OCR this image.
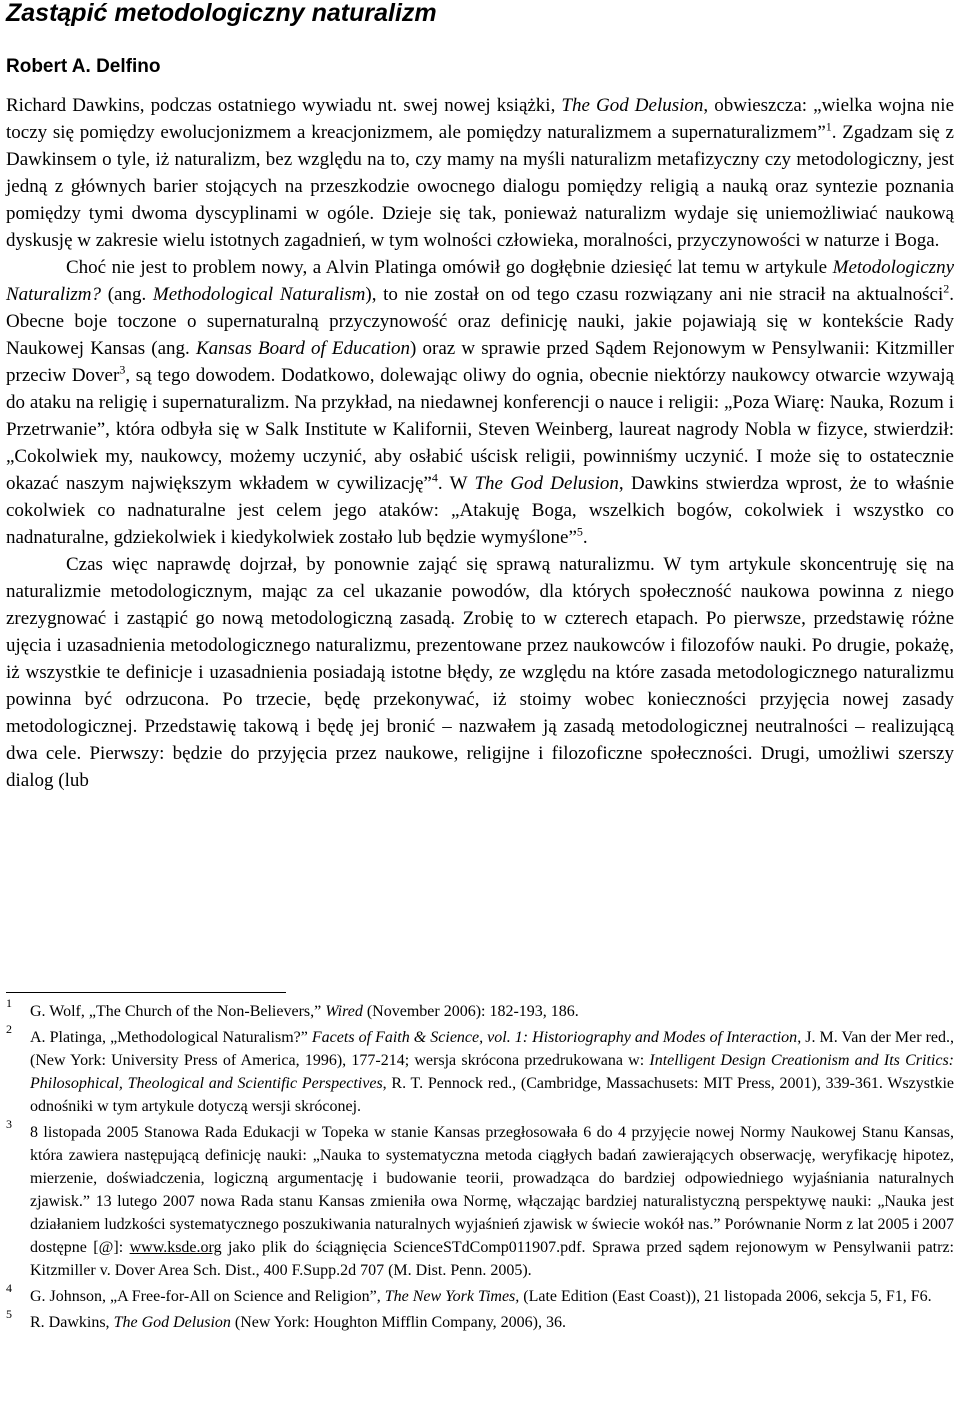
Zastąpić metodologiczny naturalizm
Robert A. Delfino

Richard Dawkins, podczas ostatniego wywiadu nt. swej nowej książki, The God Delusion, obwieszcza: „wielka wojna nie toczy się pomiędzy ewolucjonizmem a kreacjonizmem, ale pomiędzy naturalizmem a supernaturalizmem”$^1$. Zgadzam się z Dawkinsem o tyle, iż naturalizm, bez względu na to, czy mamy na myśli naturalizm metafizyczny czy metodologiczny, jest jedną z głównych barier stojących na przeszkodzie owocnego dialogu pomiędzy religią a nauką oraz syntezie poznania pomiędzy tymi dwoma dyscyplinami w ogóle. Dzieje się tak, ponieważ naturalizm wydaje się uniemożliwiać naukową dyskusję w zakresie wielu istotnych zagadnień, w tym wolności człowieka, moralności, przyczynowości w naturze i Boga.

Choć nie jest to problem nowy, a Alvin Platinga omówił go dogłębnie dziesięć lat temu w artykule Metodologiczny Naturalizm? (ang. Methodological Naturalism), to nie został on od tego czasu rozwiązany ani nie stracił na aktualności$^2$. Obecne boje toczone o supernaturalną przyczynowość oraz definicję nauki, jakie pojawiają się w kontekście Rady Naukowej Kansas (ang. Kansas Board of Education) oraz w sprawie przed Sądem Rejonowym w Pensylwanii: Kitzmiller przeciw Dover$^3$, są tego dowodem. Dodatkowo, dolewając oliwy do ognia, obecnie niektórzy naukowcy otwarcie wzywają do ataku na religię i supernaturalizm. Na przykład, na niedawnej konferencji o nauce i religii: „Poza Wiarę: Nauka, Rozum i Przetrwanie”, która odbyła się w Salk Institute w Kalifornii, Steven Weinberg, laureat nagrody Nobla w fizyce, stwierdził: „Cokolwiek my, naukowcy, możemy uczynić, aby osłabić uścisk religii, powinniśmy uczynić. I może się to ostatecznie okazać naszym największym wkładem w cywilizację”$^4$. W The God Delusion, Dawkins stwierdza wprost, że to właśnie cokolwiek co nadnaturalne jest celem jego ataków: „Atakuję Boga, wszelkich bogów, cokolwiek i wszystko co nadnaturalne, gdziekolwiek i kiedykolwiek zostało lub będzie wymyślone”$^5$.

Czas więc naprawdę dojrzał, by ponownie zająć się sprawą naturalizmu. W tym artykule skoncentruję się na naturalizmie metodologicznym, mając za cel ukazanie powodów, dla których społeczność naukowa powinna z niego zrezygnować i zastąpić go nową metodologiczną zasadą. Zrobię to w czterech etapach. Po pierwsze, przedstawię różne ujęcia i uzasadnienia metodologicznego naturalizmu, prezentowane przez naukowców i filozofów nauki. Po drugie, pokażę, iż wszystkie te definicje i uzasadnienia posiadają istotne błędy, ze względu na które zasada metodologicznego naturalizmu powinna być odrzucona. Po trzecie, będę przekonywać, iż stoimy wobec konieczności przyjęcia nowej zasady metodologicznej. Przedstawię takową i będę jej bronić – nazwałem ją zasadą metodologicznej neutralności – realizującą dwa cele. Pierwszy: będzie do przyjęcia przez naukowe, religijne i filozoficzne społeczności. Drugi, umożliwi szerszy dialog (lub

1 G. Wolf, „The Church of the Non-Believers,” Wired (November 2006): 182-193, 186.
2 A. Platinga, „Methodological Naturalism?” Facets of Faith & Science, vol. 1: Historiography and Modes of Interaction, J. M. Van der Mer red., (New York: University Press of America, 1996), 177-214; wersja skrócona przedrukowana w: Intelligent Design Creationism and Its Critics: Philosophical, Theological and Scientific Perspectives, R. T. Pennock red., (Cambridge, Massachusets: MIT Press, 2001), 339-361. Wszystkie odnośniki w tym artykule dotyczą wersji skróconej.
3 8 listopada 2005 Stanowa Rada Edukacji w Topeka w stanie Kansas przegłosowała 6 do 4 przyjęcie nowej Normy Naukowej Stanu Kansas, która zawiera następującą definicję nauki: „Nauka to systematyczna metoda ciągłych badań zawierających obserwację, weryfikację hipotez, mierzenie, doświadczenia, logiczną argumentację i budowanie teorii, prowadząca do bardziej odpowiedniego wyjaśniania naturalnych zjawisk.” 13 lutego 2007 nowa Rada stanu Kansas zmieniła owa Normę, włączając bardziej naturalistyczną perspektywę nauki: „Nauka jest działaniem ludzkości systematycznego poszukiwania naturalnych wyjaśnień zjawisk w świecie wokół nas.” Porównanie Norm z lat 2005 i 2007 dostępne [@]: www.ksde.org jako plik do ściągnięcia ScienceSTdComp011907.pdf. Sprawa przed sądem rejonowym w Pensylwanii patrz: Kitzmiller v. Dover Area Sch. Dist., 400 F.Supp.2d 707 (M. Dist. Penn. 2005).
4 G. Johnson, „A Free-for-All on Science and Religion”, The New York Times, (Late Edition (East Coast)), 21 listopada 2006, sekcja 5, F1, F6.
5 R. Dawkins, The God Delusion (New York: Houghton Mifflin Company, 2006), 36.
